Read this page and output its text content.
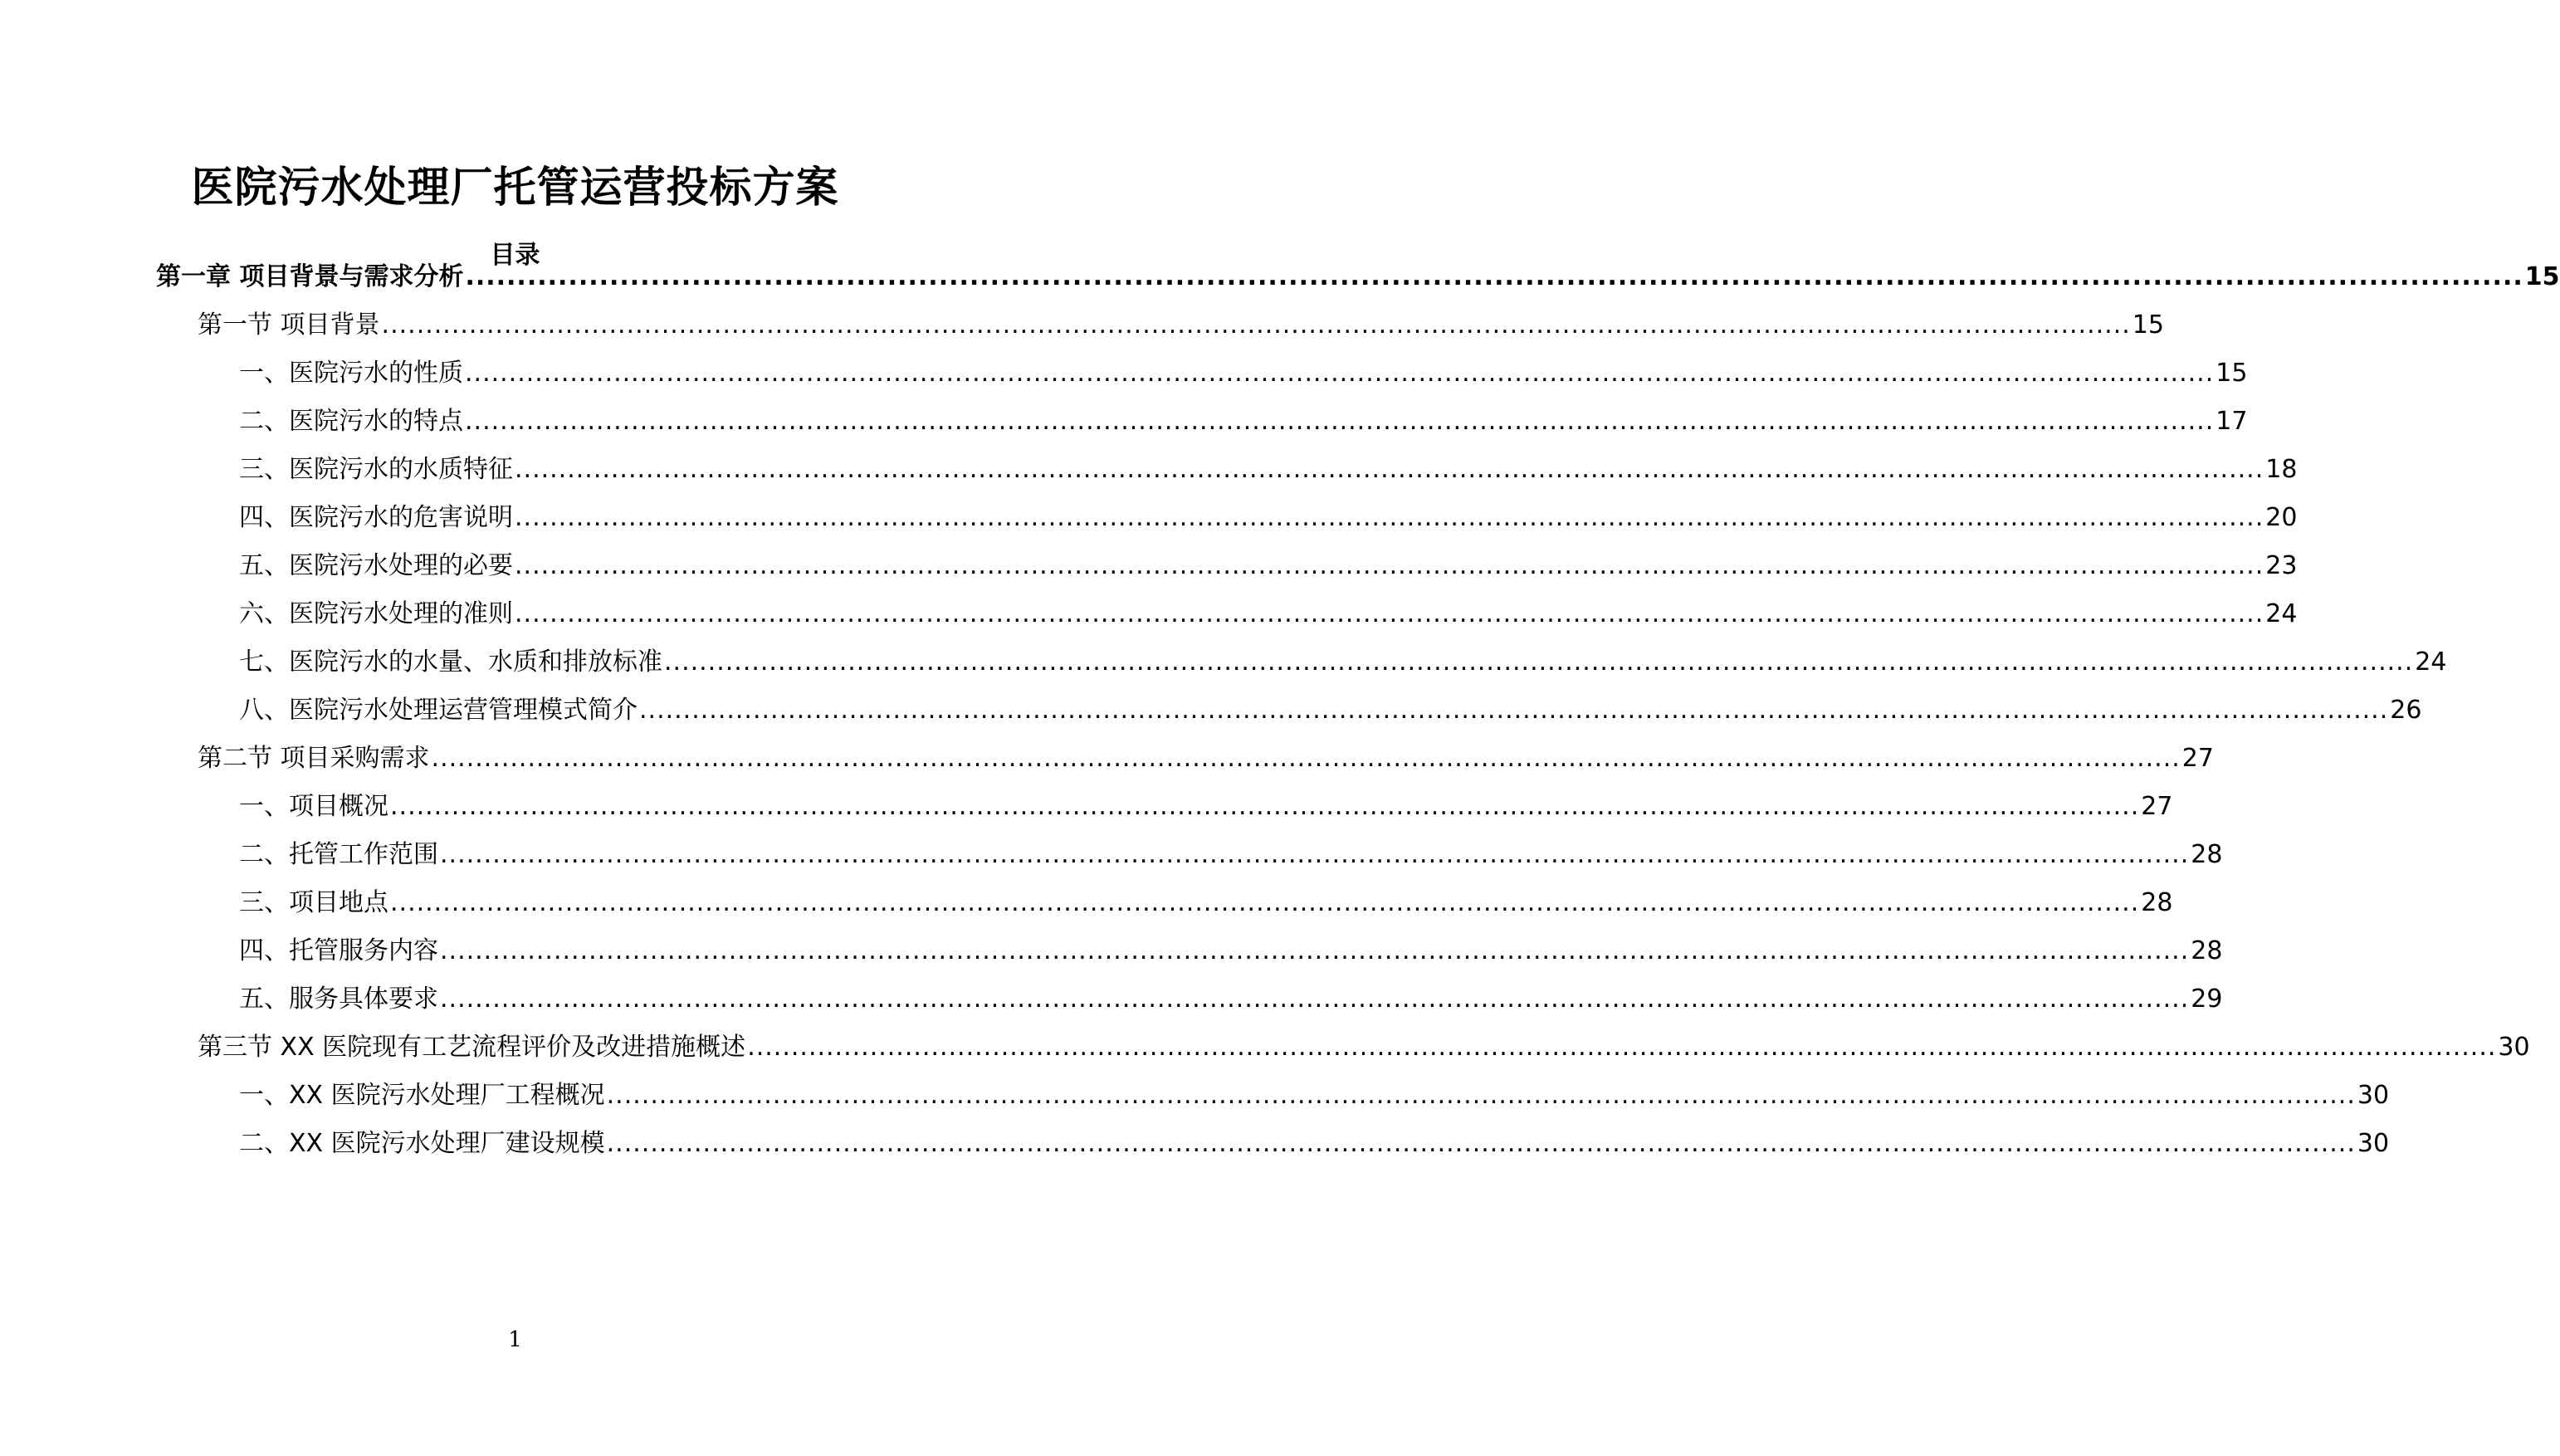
医院污水处理厂托管运营投标方案
目录
第一章 项目背景与需求分析 ........................................................................................................................................................................................................ 15
第一节 项目背景 ........................................................................................................................................................................................................ 15
一、医院污水的性质 ........................................................................................................................................................................................................ 15
二、医院污水的特点 ........................................................................................................................................................................................................ 17
三、医院污水的水质特征 ........................................................................................................................................................................................................ 18
四、医院污水的危害说明 ........................................................................................................................................................................................................ 20
五、医院污水处理的必要 ........................................................................................................................................................................................................ 23
六、医院污水处理的准则 ........................................................................................................................................................................................................ 24
七、医院污水的水量、水质和排放标准 ........................................................................................................................................................................................................ 24
八、医院污水处理运营管理模式简介 ........................................................................................................................................................................................................ 26
第二节 项目采购需求 ........................................................................................................................................................................................................ 27
一、项目概况 ........................................................................................................................................................................................................ 27
二、托管工作范围 ........................................................................................................................................................................................................ 28
三、项目地点 ........................................................................................................................................................................................................ 28
四、托管服务内容 ........................................................................................................................................................................................................ 28
五、服务具体要求 ........................................................................................................................................................................................................ 29
第三节 XX 医院现有工艺流程评价及改进措施概述 ........................................................................................................................................................................................................ 30
一、XX 医院污水处理厂工程概况 ........................................................................................................................................................................................................ 30
二、XX 医院污水处理厂建设规模 ........................................................................................................................................................................................................ 30
1
